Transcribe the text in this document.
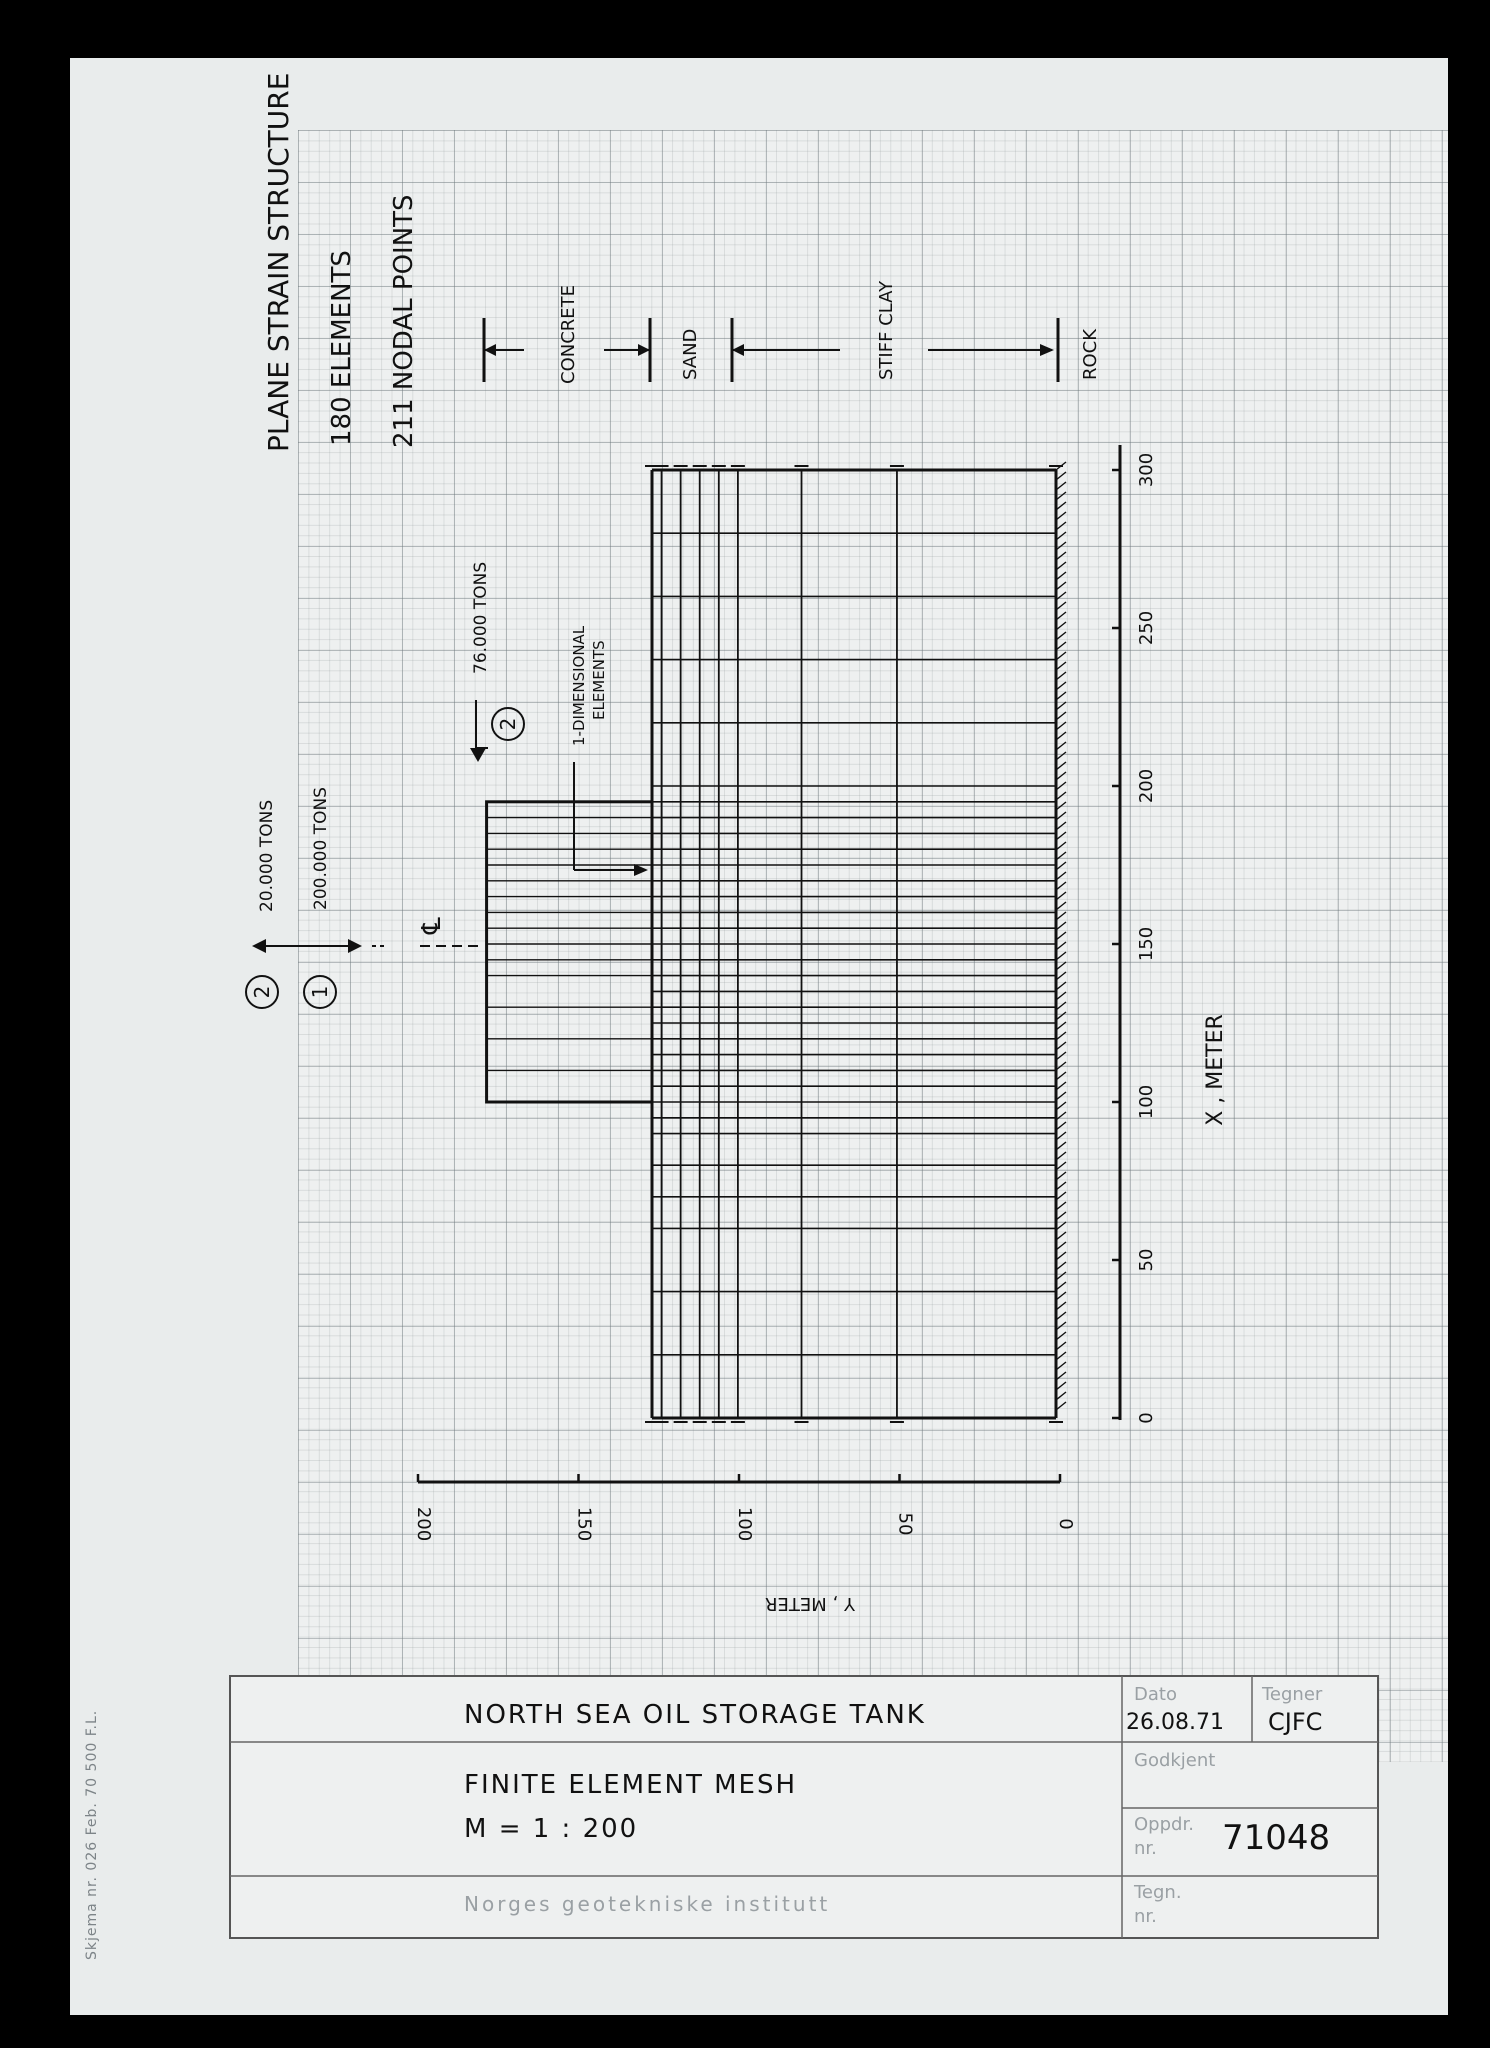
0
50
100
150
200
250
300
0
50
100
150
200
X , METER
Y , METER
PLANE STRAIN STRUCTURE 180 ELEMENTS 211 NODAL POINTS	CONCRETE	SAND	STIFF CLAY	ROCK
2 1
20.000 TONS 200.000 TONS
℄
2
76.000 TONS
1-DIMENSIONAL ELEMENTS
NORTH SEA OIL STORAGE TANK
FINITE ELEMENT MESH
M = 1 : 200
Norges geotekniske institutt
Dato
26.08.71
Tegner
CJFC
Godkjent
Oppdr.
nr. 71048
Tegn.
nr.
Skjema nr. 026 Feb. 70 500 F.L.
